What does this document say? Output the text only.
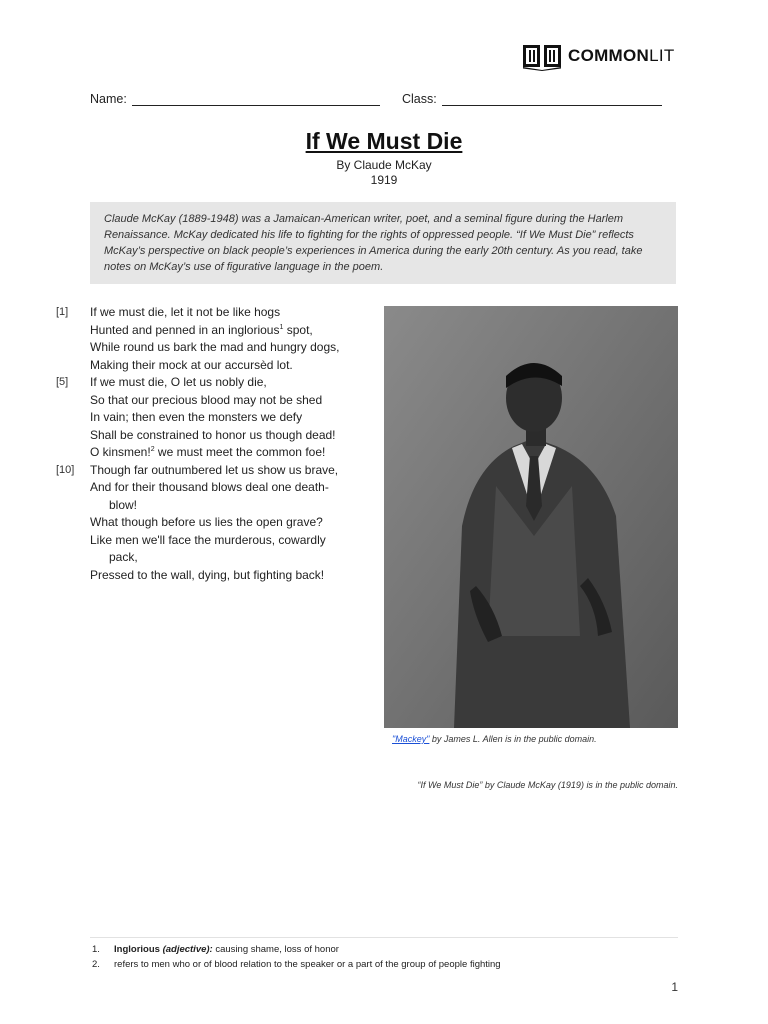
COMMONLIT
Name:	Class:
If We Must Die
By Claude McKay
1919
Claude McKay (1889-1948) was a Jamaican-American writer, poet, and a seminal figure during the Harlem Renaissance. McKay dedicated his life to fighting for the rights of oppressed people. “If We Must Die” reflects McKay’s perspective on black people’s experiences in America during the early 20th century. As you read, take notes on McKay’s use of figurative language in the poem.
[1]	If we must die, let it not be like hogs
Hunted and penned in an inglorious$^1$ spot,
While round us bark the mad and hungry dogs,
Making their mock at our accursèd lot.
[5]	If we must die, O let us nobly die,
So that our precious blood may not be shed
In vain; then even the monsters we defy
Shall be constrained to honor us though dead!
O kinsmen!$^2$ we must meet the common foe!
[10]	Though far outnumbered let us show us brave,
And for their thousand blows deal one death-
blow!
What though before us lies the open grave?
Like men we'll face the murderous, cowardly
pack,
Pressed to the wall, dying, but fighting back!
"Mackey" by James L. Allen is in the public domain.
“If We Must Die” by Claude McKay (1919) is in the public domain.
1.	Inglorious (adjective): causing shame, loss of honor
2.	refers to men who or of blood relation to the speaker or a part of the group of people fighting
1
